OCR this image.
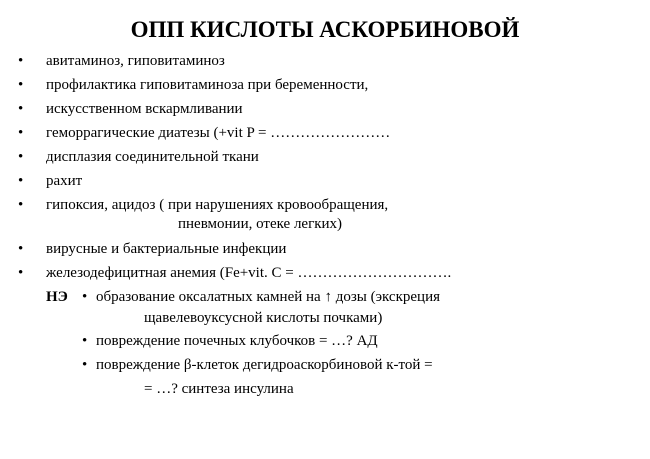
ОПП КИСЛОТЫ АСКОРБИНОВОЙ
• авитаминоз, гиповитаминоз
• профилактика гиповитаминоза при беременности,
• искусственном вскармливании
• геморрагические диатезы (+vit P = ……………………
• дисплазия соединительной ткани
• рахит
• гипоксия, ацидоз ( при нарушениях кровообращения,
пневмонии, отеке легких)
• вирусные и бактериальные инфекции
• железодефицитная анемия (Fe+vit. C = ………………………….
НЭ • образование оксалатных камней на ↑ дозы (экскреция
щавелевоуксусной кислоты почками)
• повреждение почечных клубочков = …? АД
• повреждение β-клеток дегидроаскорбиновой к-той =
= …? синтеза инсулина
